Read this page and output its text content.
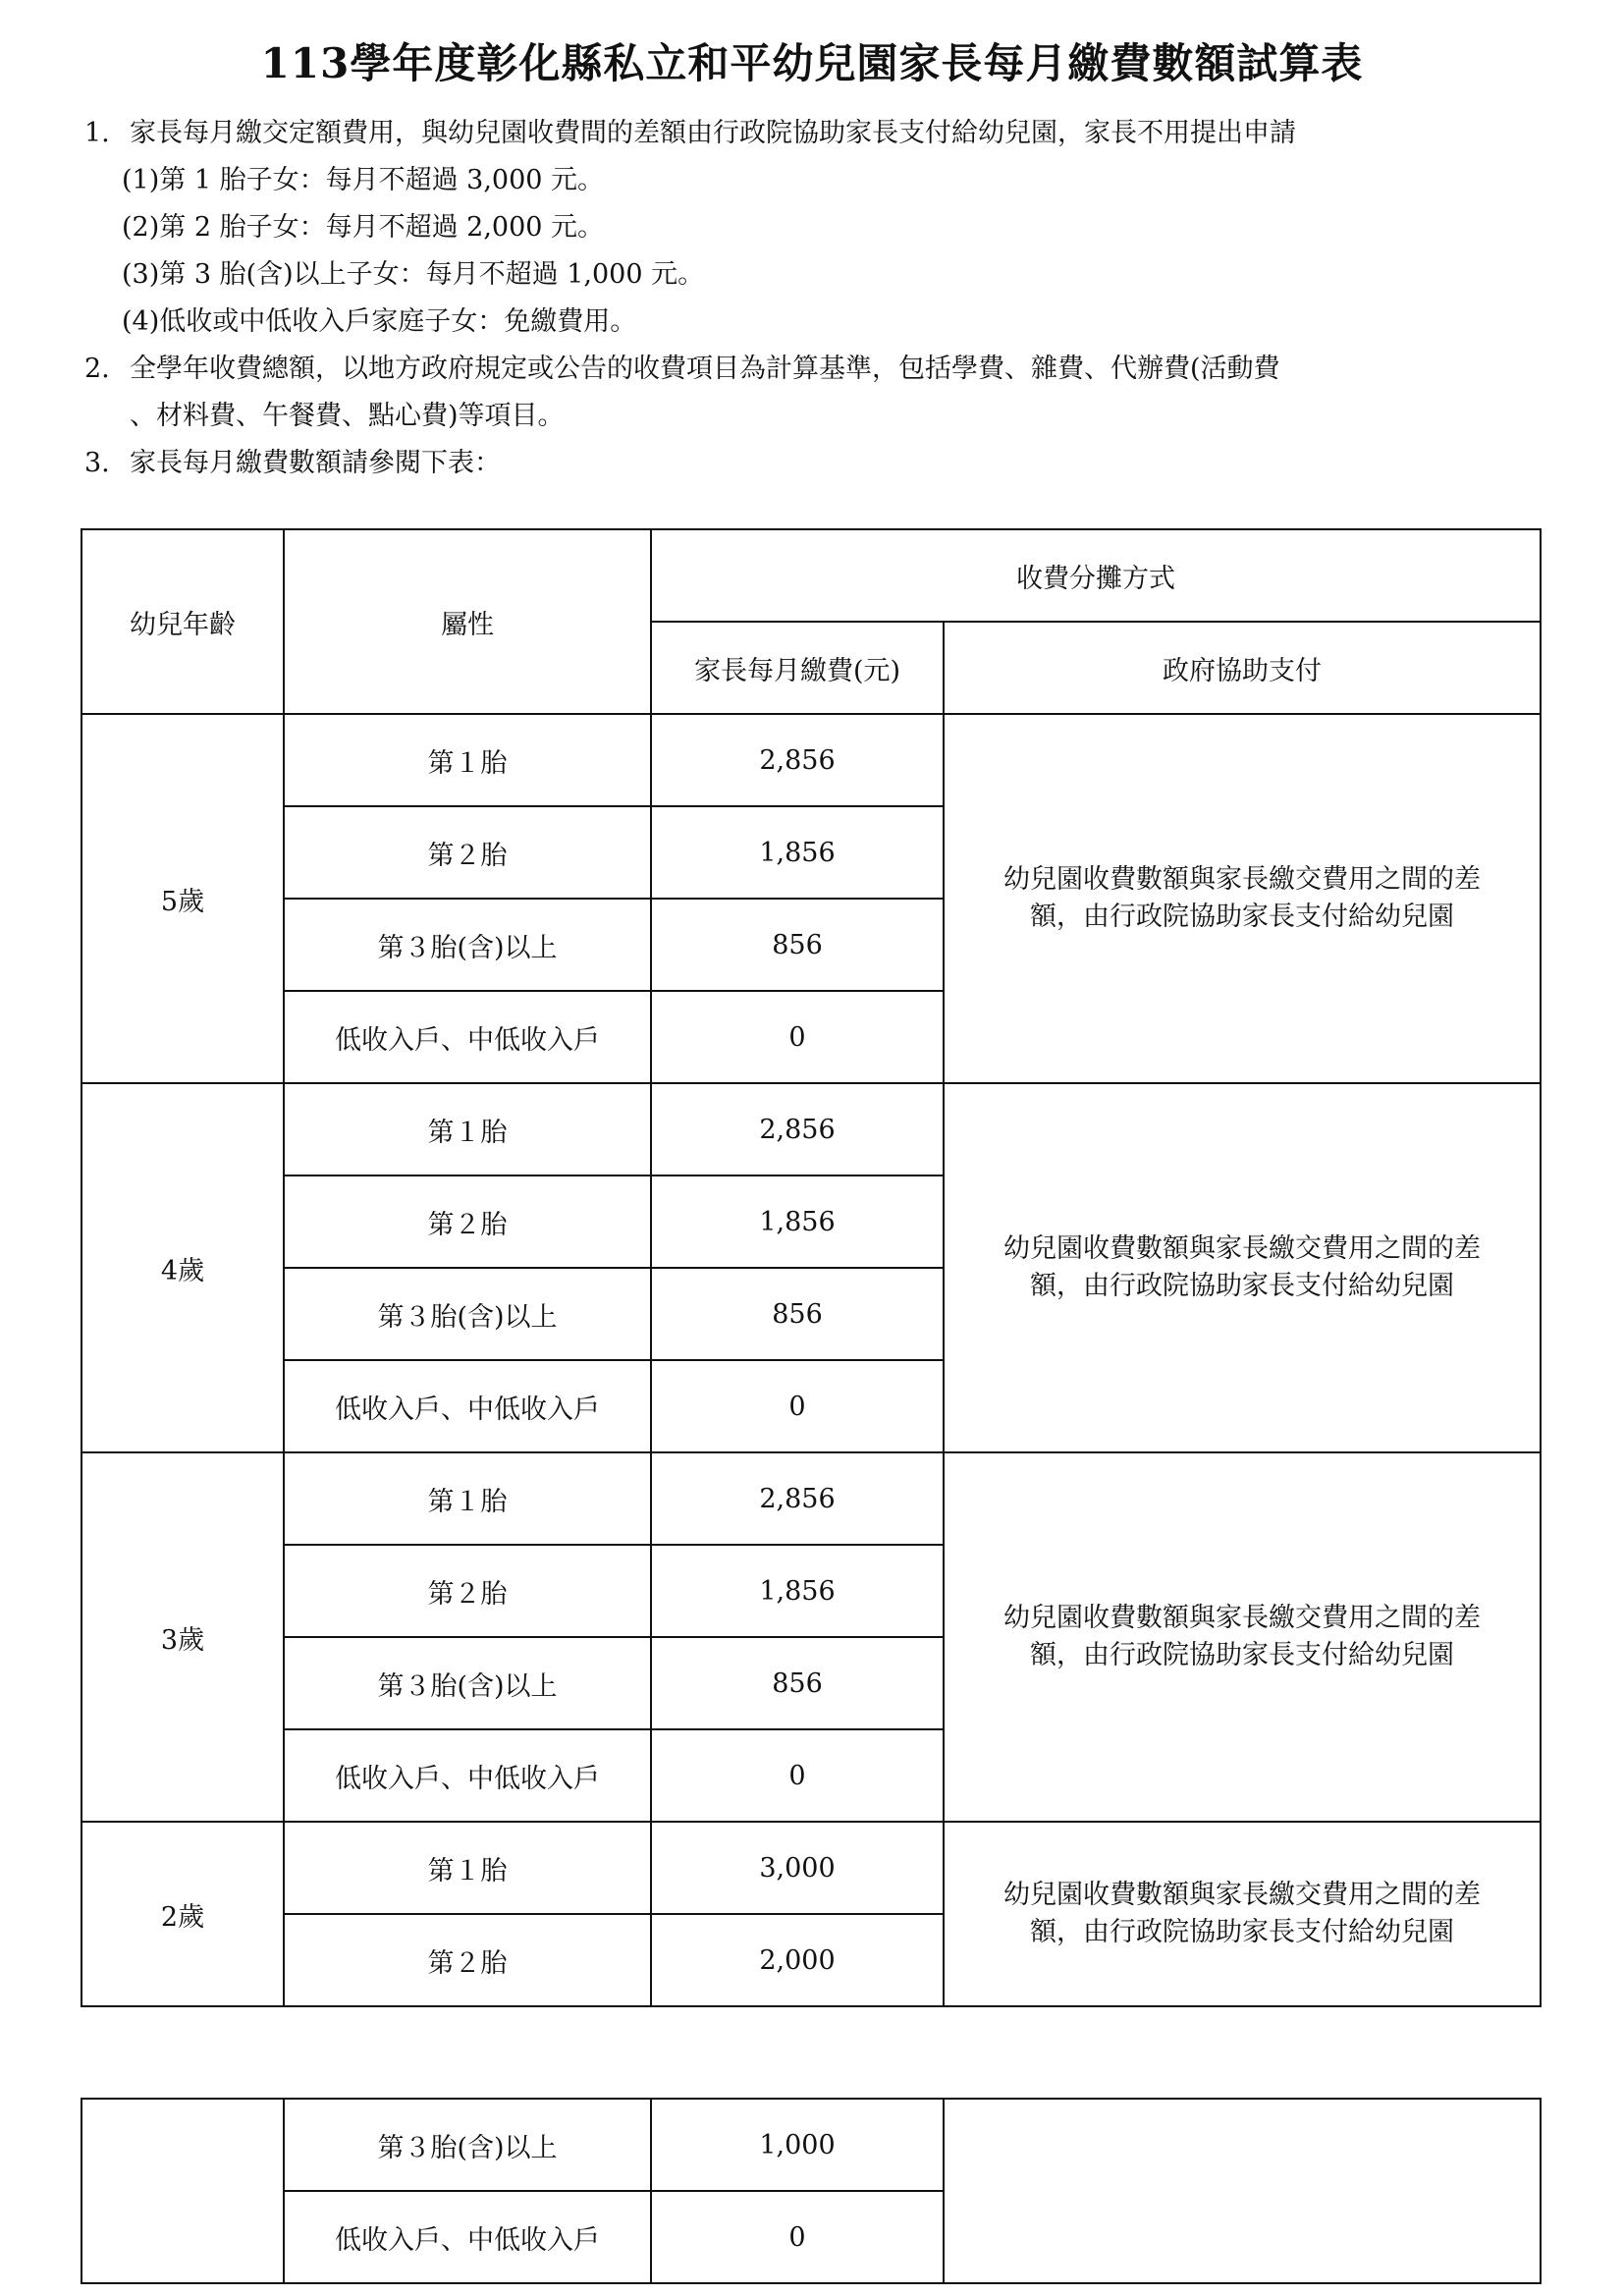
113學年度彰化縣私立和平幼兒園家長每月繳費數額試算表
1. 家長每月繳交定額費用，與幼兒園收費間的差額由行政院協助家長支付給幼兒園，家長不用提出申請
(1)第 1 胎子女：每月不超過 3,000 元。
(2)第 2 胎子女：每月不超過 2,000 元。
(3)第 3 胎(含)以上子女：每月不超過 1,000 元。
(4)低收或中低收入戶家庭子女：免繳費用。
2. 全學年收費總額，以地方政府規定或公告的收費項目為計算基準，包括學費、雜費、代辦費(活動費
、材料費、午餐費、點心費)等項目。
3. 家長每月繳費數額請參閱下表：
幼兒年齡	屬性	收費分攤方式	
		家長每月繳費(元)	政府協助支付
5歲	第１胎	2,856	幼兒園收費數額與家長繳交費用之間的差
額，由行政院協助家長支付給幼兒園

	第２胎	1,856	
	第３胎(含)以上	856	
	低收入戶、中低收入戶	0	
4歲	第１胎	2,856	幼兒園收費數額與家長繳交費用之間的差
額，由行政院協助家長支付給幼兒園

	第２胎	1,856	
	第３胎(含)以上	856	
	低收入戶、中低收入戶	0	
3歲	第１胎	2,856	幼兒園收費數額與家長繳交費用之間的差
額，由行政院協助家長支付給幼兒園

	第２胎	1,856	
	第３胎(含)以上	856	
	低收入戶、中低收入戶	0	
2歲	第１胎	3,000	幼兒園收費數額與家長繳交費用之間的差
額，由行政院協助家長支付給幼兒園

	第２胎	2,000	

	第３胎(含)以上	1,000	
	低收入戶、中低收入戶	0	
